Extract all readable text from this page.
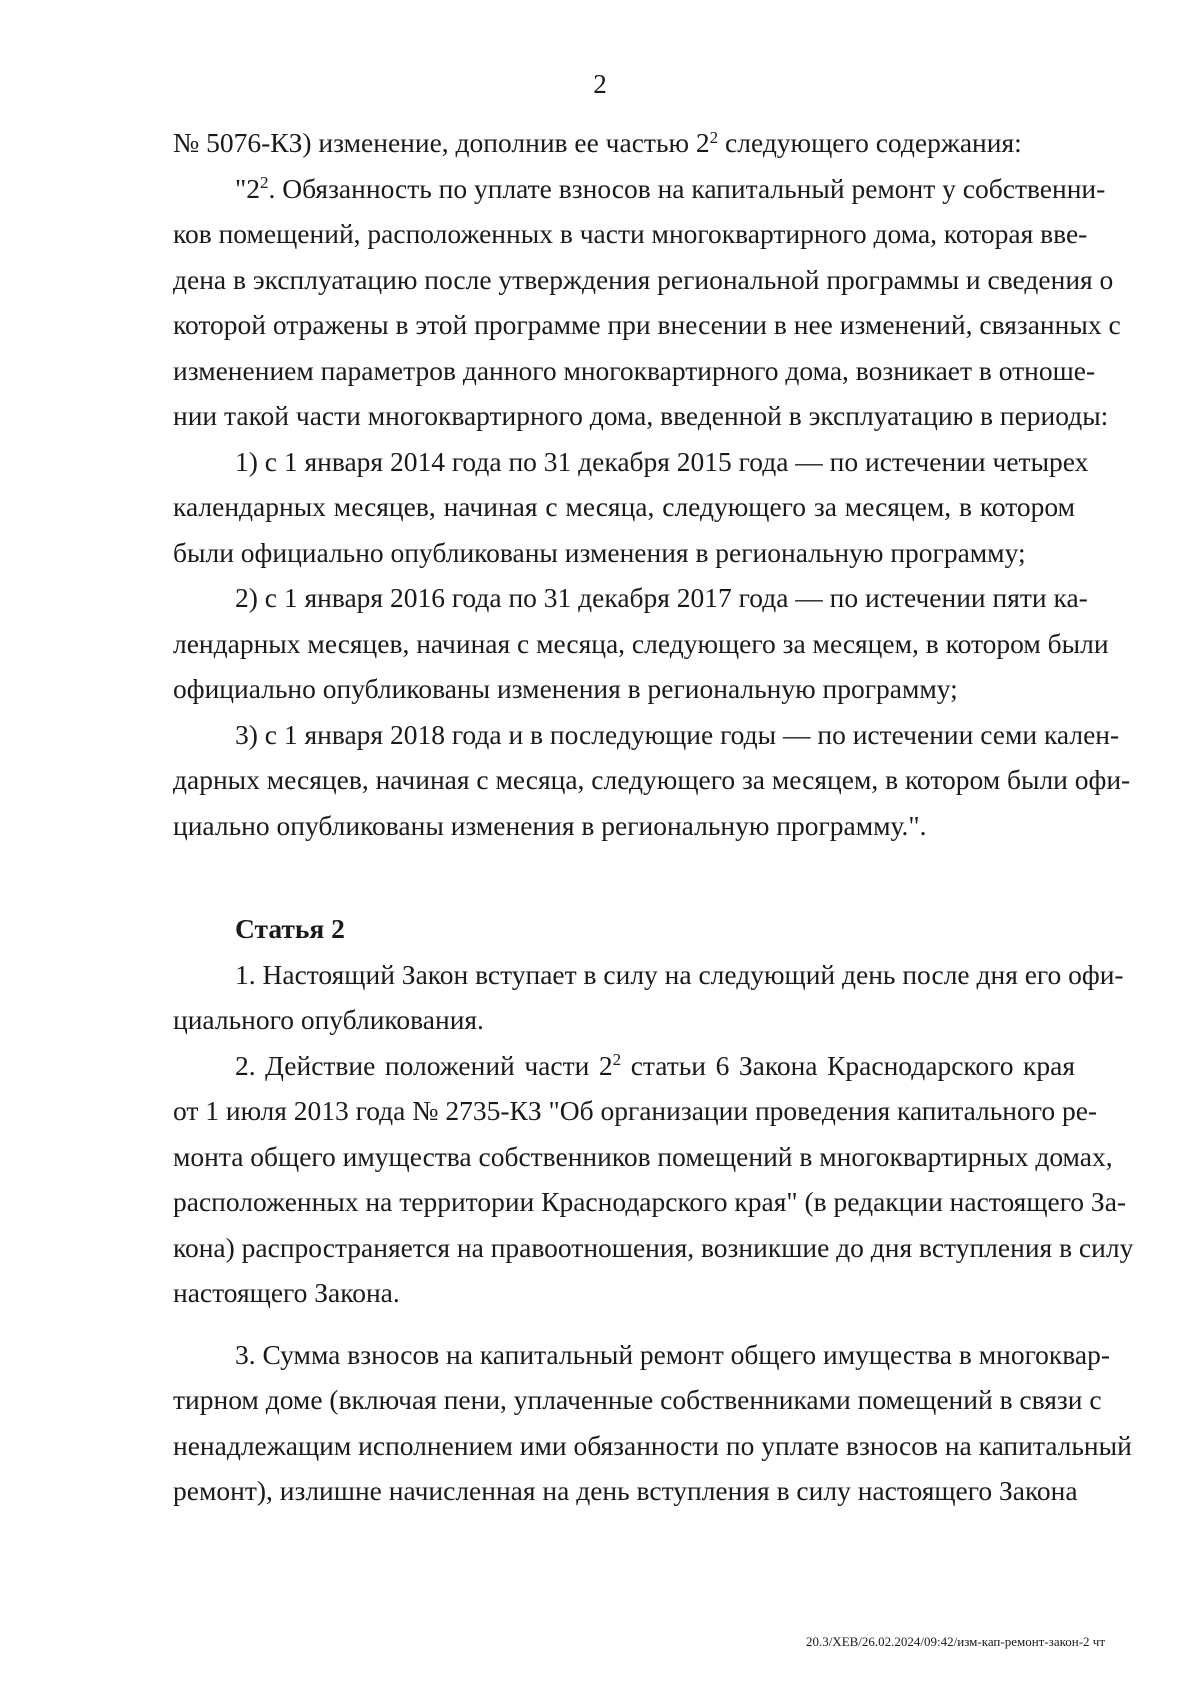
2
№ 5076-КЗ) изменение, дополнив ее частью $2^2$ следующего содержания:
"$2^2$. Обязанность по уплате взносов на капитальный ремонт у собственни-
ков помещений, расположенных в части многоквартирного дома, которая вве-
дена в эксплуатацию после утверждения региональной программы и сведения о
которой отражены в этой программе при внесении в нее изменений, связанных с
изменением параметров данного многоквартирного дома, возникает в отноше-
нии такой части многоквартирного дома, введенной в эксплуатацию в периоды:
1) с 1 января 2014 года по 31 декабря 2015 года — по истечении четырех
календарных месяцев, начиная с месяца, следующего за месяцем, в котором
были официально опубликованы изменения в региональную программу;
2) с 1 января 2016 года по 31 декабря 2017 года — по истечении пяти ка-
лендарных месяцев, начиная с месяца, следующего за месяцем, в котором были
официально опубликованы изменения в региональную программу;
3) с 1 января 2018 года и в последующие годы — по истечении семи кален-
дарных месяцев, начиная с месяца, следующего за месяцем, в котором были офи-
циально опубликованы изменения в региональную программу.".
Статья 2
1. Настоящий Закон вступает в силу на следующий день после дня его офи-
циального опубликования.
2. Действие положений части $2^2$ статьи 6 Закона Краснодарского края
от 1 июля 2013 года № 2735-КЗ "Об организации проведения капитального ре-
монта общего имущества собственников помещений в многоквартирных домах,
расположенных на территории Краснодарского края" (в редакции настоящего За-
кона) распространяется на правоотношения, возникшие до дня вступления в силу
настоящего Закона.
3. Сумма взносов на капитальный ремонт общего имущества в многоквар-
тирном доме (включая пени, уплаченные собственниками помещений в связи с
ненадлежащим исполнением ими обязанности по уплате взносов на капитальный
ремонт), излишне начисленная на день вступления в силу настоящего Закона
20.3/ХЕВ/26.02.2024/09:42/изм-кап-ремонт-закон-2 чт
